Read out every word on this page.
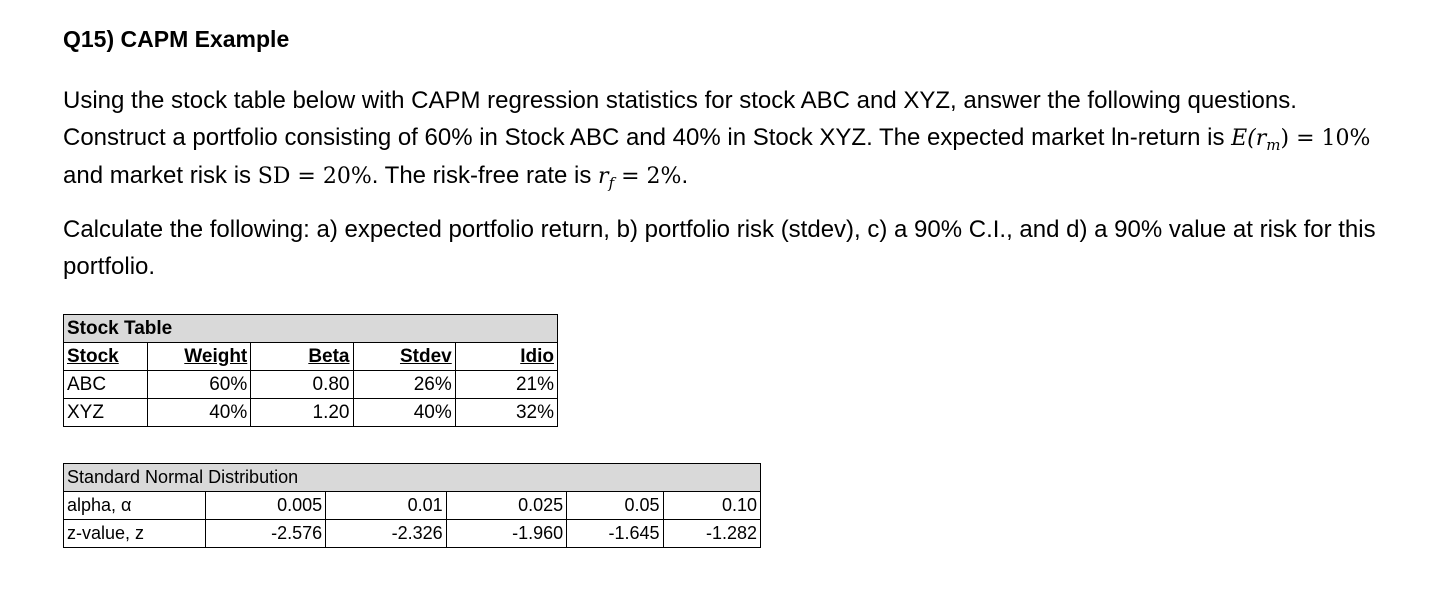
Q15) CAPM Example

Using the stock table below with CAPM regression statistics for stock ABC and XYZ, answer the following questions. Construct a portfolio consisting of 60% in Stock ABC and 40% in Stock XYZ. The expected market ln-return is $E(r_m) = 10\%$ and market risk is SD = 20%. The risk-free rate is $r_f = 2\%$.

Calculate the following: a) expected portfolio return, b) portfolio risk (stdev), c) a 90% C.I., and d) a 90% value at risk for this portfolio.

Stock Table				
Stock	Weight	Beta	Stdev	Idio
ABC	60%	0.80	26%	21%
XYZ	40%	1.20	40%	32%
Standard Normal Distribution					
alpha, α	0.005	0.01	0.025	0.05	0.10
z-value, z	-2.576	-2.326	-1.960	-1.645	-1.282
